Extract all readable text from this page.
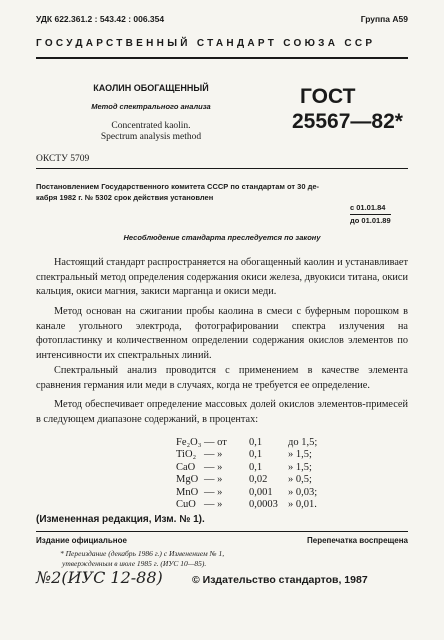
УДК 622.361.2 : 543.42 : 006.354	Группа А59
ГОСУДАРСТВЕННЫЙ СТАНДАРТ СОЮЗА ССР
КАОЛИН ОБОГАЩЕННЫЙ
Метод спектрального анализа
Concentrated kaolin.
Spectrum analysis method
ГОСТ
25567—82*
ОКСТУ 5709
Постановлением Государственного комитета СССР по стандартам от 30 де-
кабря 1982 г. № 5302 срок действия установлен
с 01.01.84
до 01.01.89
Несоблюдение стандарта преследуется по закону

Настоящий стандарт распространяется на обогащенный каолин и устанавливает спектральный метод определения содержания окиси железа, двуокиси титана, окиси кальция, окиси магния, закиси марганца и окиси меди.

Метод основан на сжигании пробы каолина в смеси с буферным порошком в канале угольного электрода, фотографировании спектра излучения на фотопластинку и количественном определении содержания окислов элементов по интенсивности их спектральных линий.

Спектральный анализ проводится с применением в качестве элемента сравнения германия или меди в случаях, когда не требуется ее определение.

Метод обеспечивает определение массовых долей окислов элементов-примесей в следующем диапазоне содержаний, в процентах:

Fe₂O₃ — от 0,1 до 1,5;
TiO₂ — »	0,1 » 1,5;
CaO — »	0,1 » 1,5;
MgO — »	0,02 » 0,5;
MnO — »	0,001 » 0,03;
CuO — »	0,0003 » 0,01.
(Измененная редакция, Изм. № 1).
Издание официальное	Перепечатка воспрещена
* Переиздание (декабрь 1986 г.) с Изменением № 1,
утвержденным в июле 1985 г. (ИУС 10—85).
№2(ИУС 12-88)	© Издательство стандартов, 1987
